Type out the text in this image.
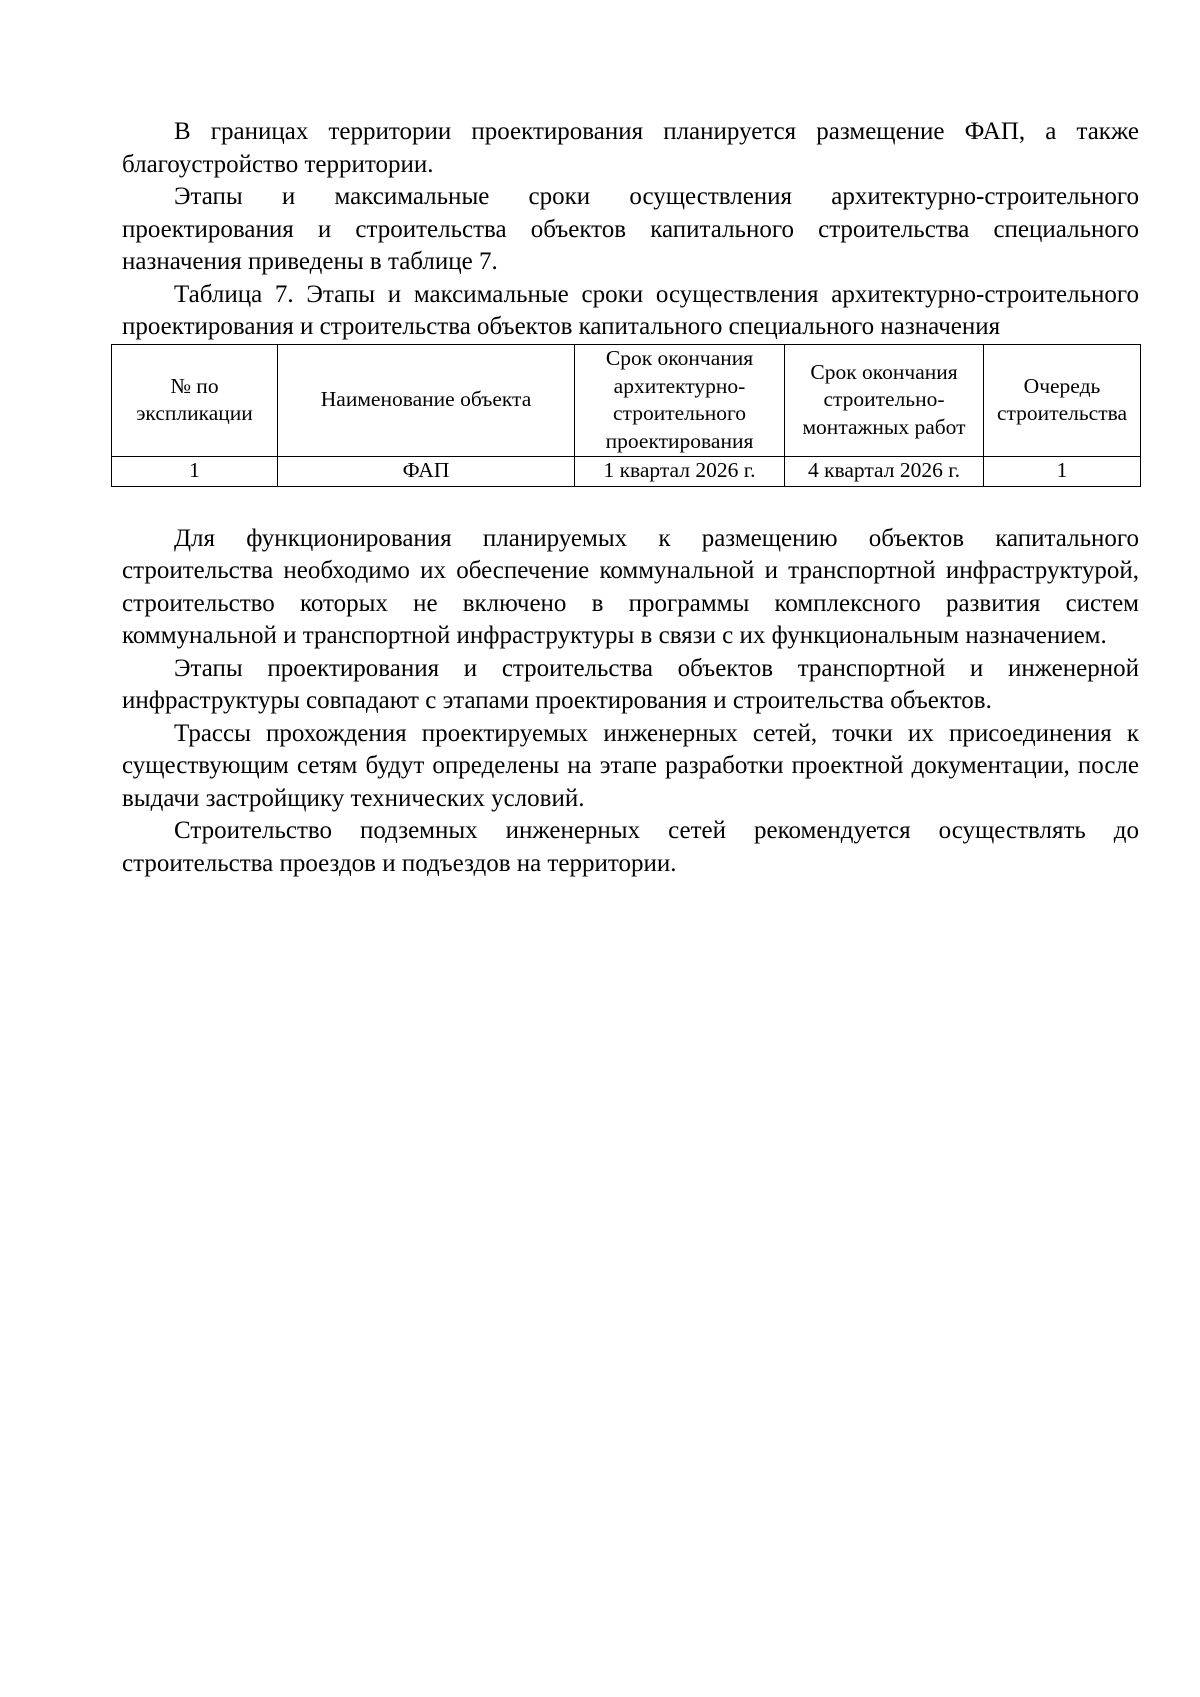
В границах территории проектирования планируется размещение ФАП, а также благоустройство территории.

Этапы и максимальные сроки осуществления архитектурно-строительного проектирования и строительства объектов капитального строительства специального назначения приведены в таблице 7.

Таблица 7. Этапы и максимальные сроки осуществления архитектурно-строительного проектирования и строительства объектов капитального специального назначения

№ по экспликации	Наименование объекта	Срок окончания архитектурно-строительного проектирования	Срок окончания строительно-монтажных работ	Очередь строительства
1	ФАП	1 квартал 2026 г.	4 квартал 2026 г.	1

Для функционирования планируемых к размещению объектов капитального строительства необходимо их обеспечение коммунальной и транспортной инфраструктурой, строительство которых не включено в программы комплексного развития систем коммунальной и транспортной инфраструктуры в связи с их функциональным назначением.

Этапы проектирования и строительства объектов транспортной и инженерной инфраструктуры совпадают с этапами проектирования и строительства объектов.

Трассы прохождения проектируемых инженерных сетей, точки их присоединения к существующим сетям будут определены на этапе разработки проектной документации, после выдачи застройщику технических условий.

Строительство подземных инженерных сетей рекомендуется осуществлять до строительства проездов и подъездов на территории.
